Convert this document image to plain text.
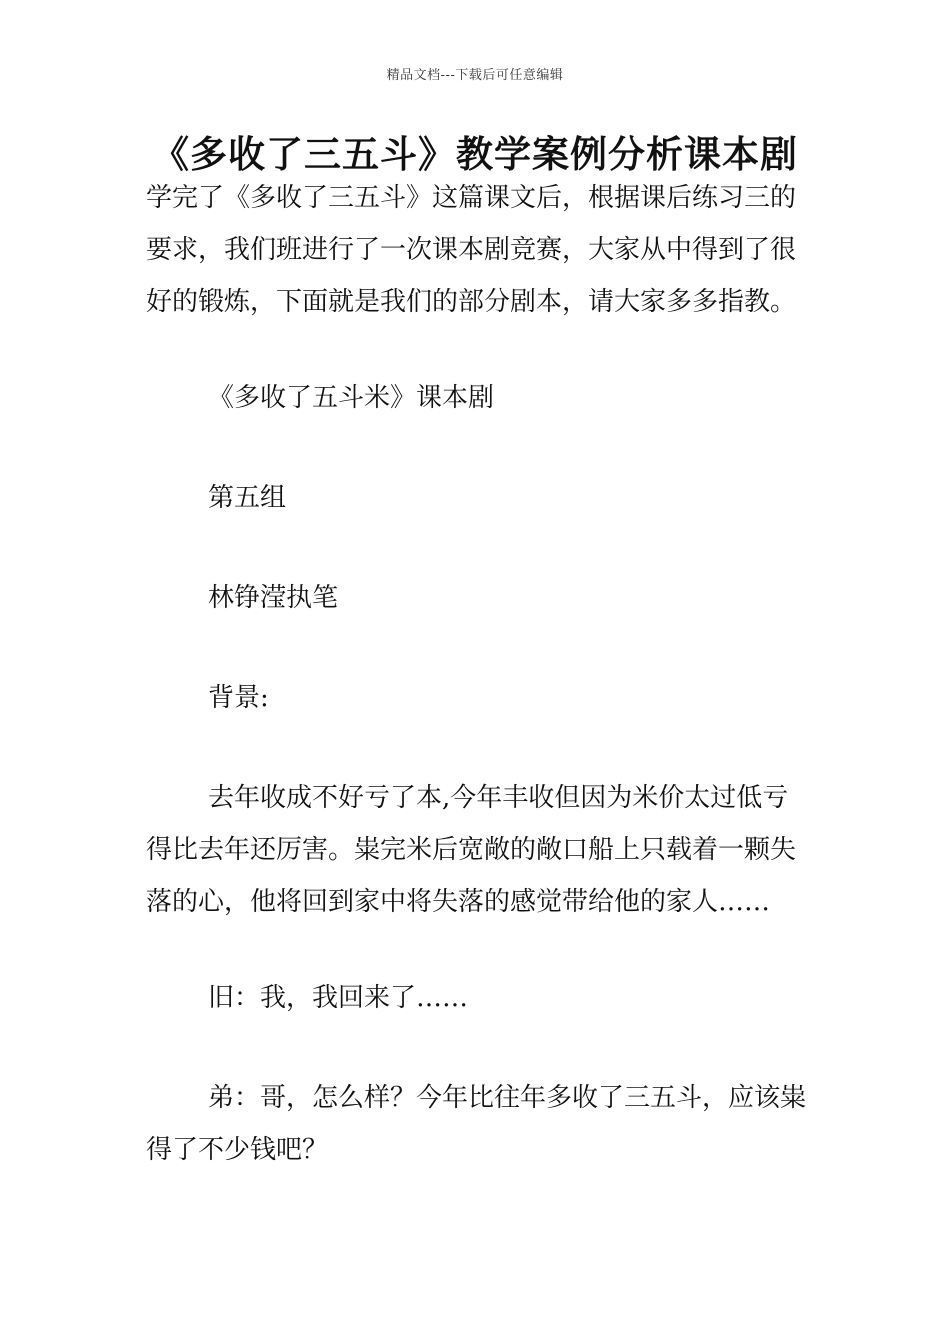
精品文档---下载后可任意编辑
《多收了三五斗》教学案例分析课本剧

学完了《多收了三五斗》这篇课文后，根据课后练习三的要求，我们班进行了一次课本剧竞赛，大家从中得到了很好的锻炼，下面就是我们的部分剧本，请大家多多指教。

《多收了五斗米》课本剧

第五组

林铮滢执笔

背景:

去年收成不好亏了本,今年丰收但因为米价太过低亏得比去年还厉害。粜完米后宽敞的敞口船上只载着一颗失落的心，他将回到家中将失落的感觉带给他的家人……

旧：我，我回来了……

弟：哥，怎么样？今年比往年多收了三五斗，应该粜得了不少钱吧？
